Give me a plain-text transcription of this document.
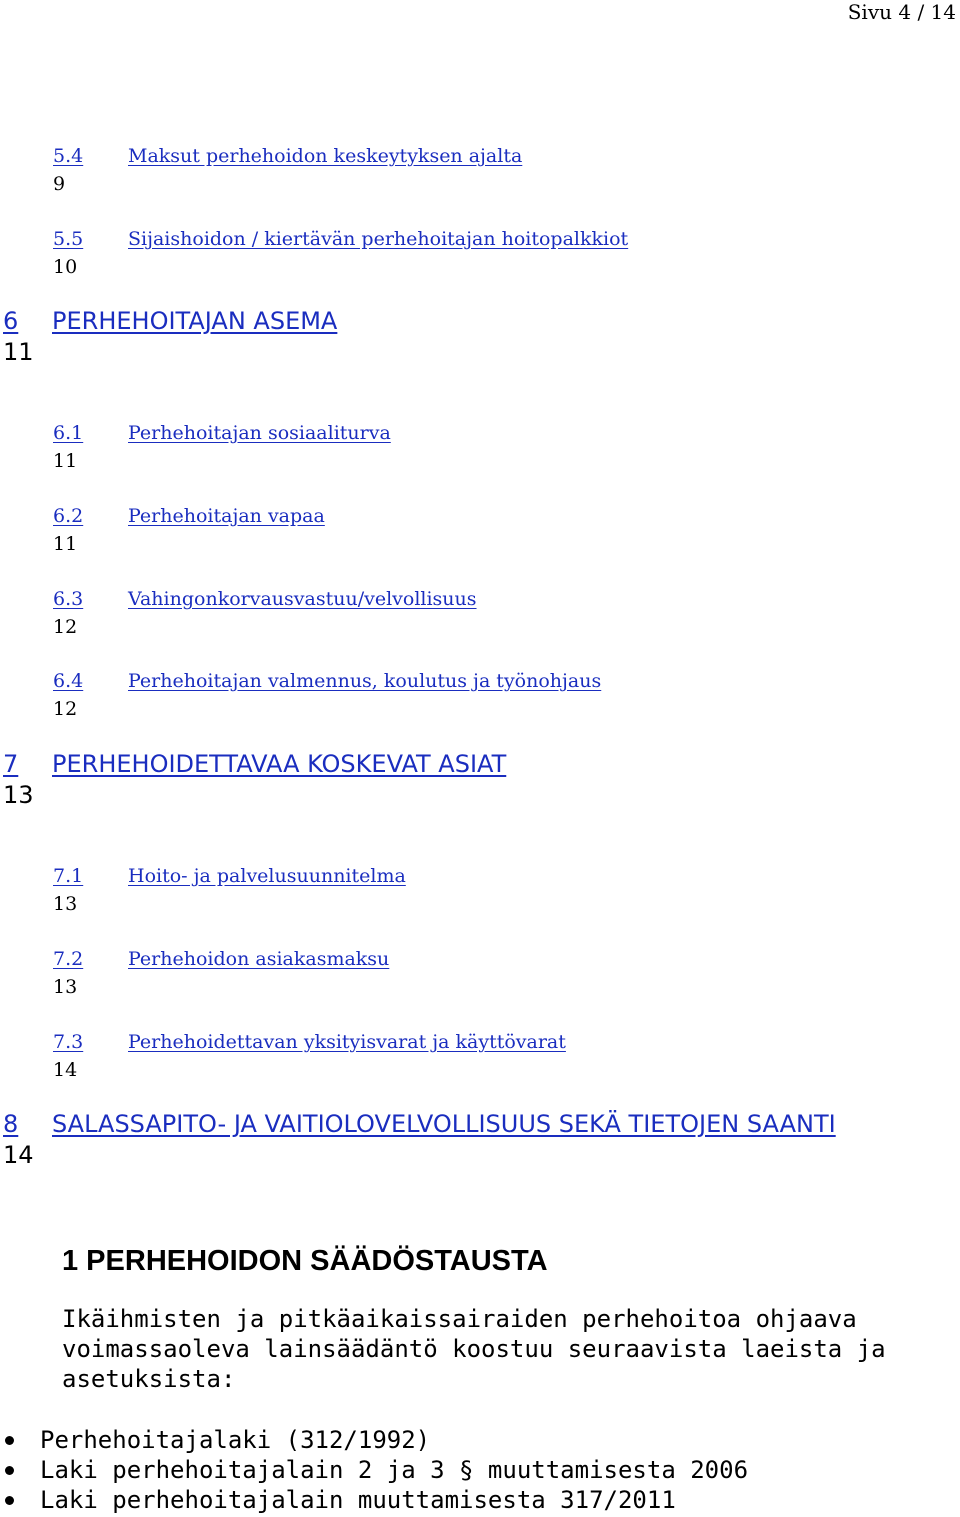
Sivu 4 / 14
5.4 Maksut perhehoidon keskeytyksen ajalta
9
5.5 Sijaishoidon / kiertävän perhehoitajan hoitopalkkiot
10
6 PERHEHOITAJAN ASEMA
11
6.1 Perhehoitajan sosiaaliturva
11
6.2 Perhehoitajan vapaa
11
6.3 Vahingonkorvausvastuu/velvollisuus
12
6.4 Perhehoitajan valmennus, koulutus ja työnohjaus
12
7 PERHEHOIDETTAVAA KOSKEVAT ASIAT
13
7.1 Hoito- ja palvelusuunnitelma
13
7.2 Perhehoidon asiakasmaksu
13
7.3 Perhehoidettavan yksityisvarat ja käyttövarat
14
8 SALASSAPITO- JA VAITIOLOVELVOLLISUUS SEKÄ TIETOJEN SAANTI
14
1 PERHEHOIDON SÄÄDÖSTAUSTA

Ikäihmisten ja pitkäaikaissairaiden perhehoitoa ohjaava voimassaoleva lainsäädäntö koostuu seuraavista laeista ja asetuksista:

Perhehoitajalaki (312/1992)
Laki perhehoitajalain 2 ja 3 § muuttamisesta 2006
Laki perhehoitajalain muuttamisesta 317/2011
